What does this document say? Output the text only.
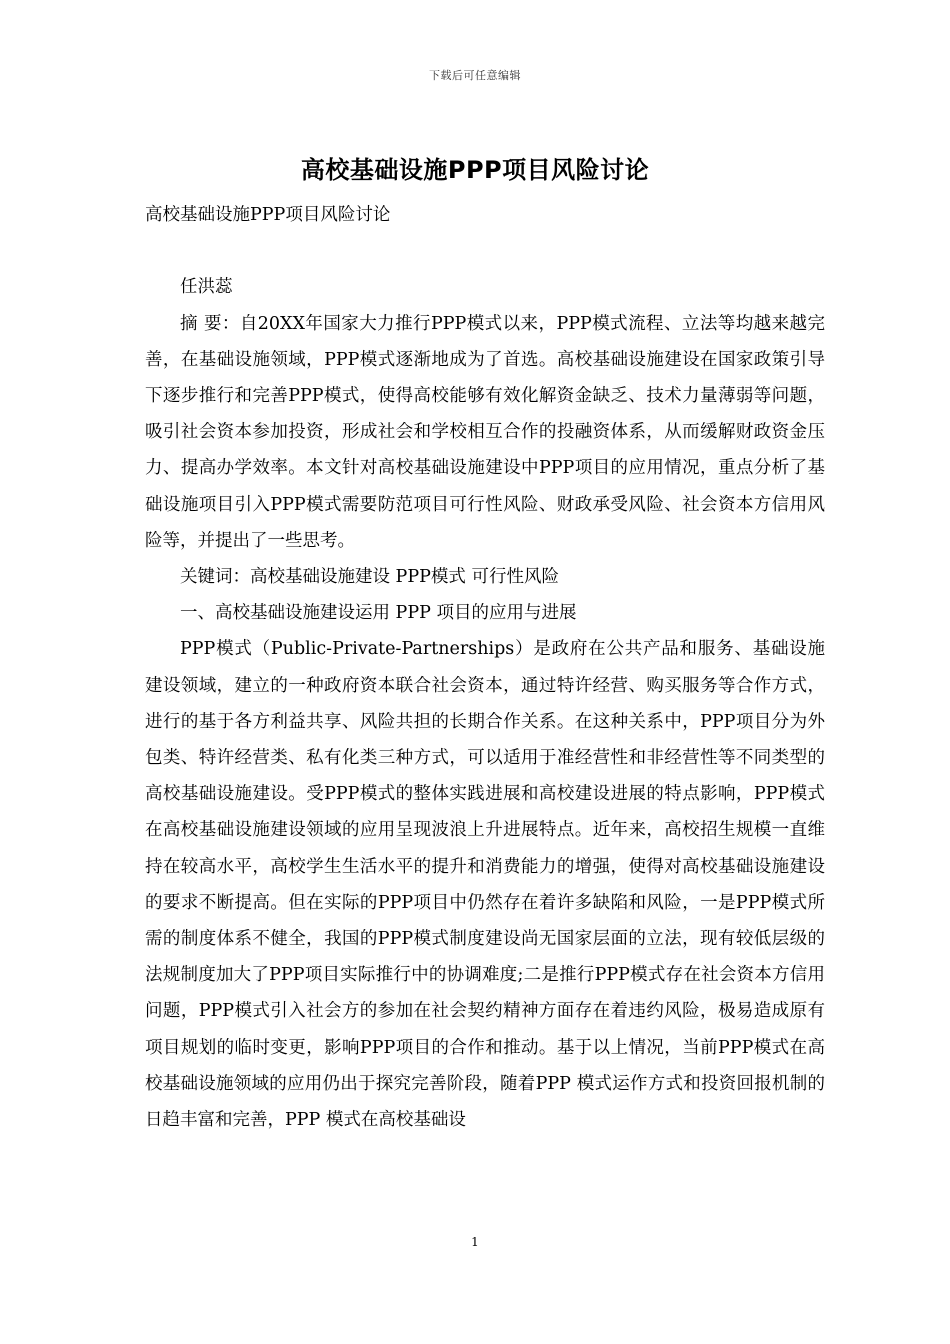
下载后可任意编辑
高校基础设施PPP项目风险讨论

高校基础设施PPP项目风险讨论

任洪蕊

摘 要：自20XX年国家大力推行PPP模式以来，PPP模式流程、立法等均越来越完善，在基础设施领域，PPP模式逐渐地成为了首选。高校基础设施建设在国家政策引导下逐步推行和完善PPP模式，使得高校能够有效化解资金缺乏、技术力量薄弱等问题，吸引社会资本参加投资，形成社会和学校相互合作的投融资体系，从而缓解财政资金压力、提高办学效率。本文针对高校基础设施建设中PPP项目的应用情况，重点分析了基础设施项目引入PPP模式需要防范项目可行性风险、财政承受风险、社会资本方信用风险等，并提出了一些思考。

关键词：高校基础设施建设 PPP模式 可行性风险

一、高校基础设施建设运用 PPP 项目的应用与进展

PPP模式（Public-Private-Partnerships）是政府在公共产品和服务、基础设施建设领域，建立的一种政府资本联合社会资本，通过特许经营、购买服务等合作方式，进行的基于各方利益共享、风险共担的长期合作关系。在这种关系中，PPP项目分为外包类、特许经营类、私有化类三种方式，可以适用于准经营性和非经营性等不同类型的高校基础设施建设。受PPP模式的整体实践进展和高校建设进展的特点影响，PPP模式在高校基础设施建设领域的应用呈现波浪上升进展特点。近年来，高校招生规模一直维持在较高水平，高校学生生活水平的提升和消费能力的增强，使得对高校基础设施建设的要求不断提高。但在实际的PPP项目中仍然存在着许多缺陷和风险，一是PPP模式所需的制度体系不健全，我国的PPP模式制度建设尚无国家层面的立法，现有较低层级的法规制度加大了PPP项目实际推行中的协调难度;二是推行PPP模式存在社会资本方信用问题，PPP模式引入社会方的参加在社会契约精神方面存在着违约风险，极易造成原有项目规划的临时变更，影响PPP项目的合作和推动。基于以上情况，当前PPP模式在高校基础设施领域的应用仍出于探究完善阶段，随着PPP 模式运作方式和投资回报机制的日趋丰富和完善，PPP 模式在高校基础设

1
